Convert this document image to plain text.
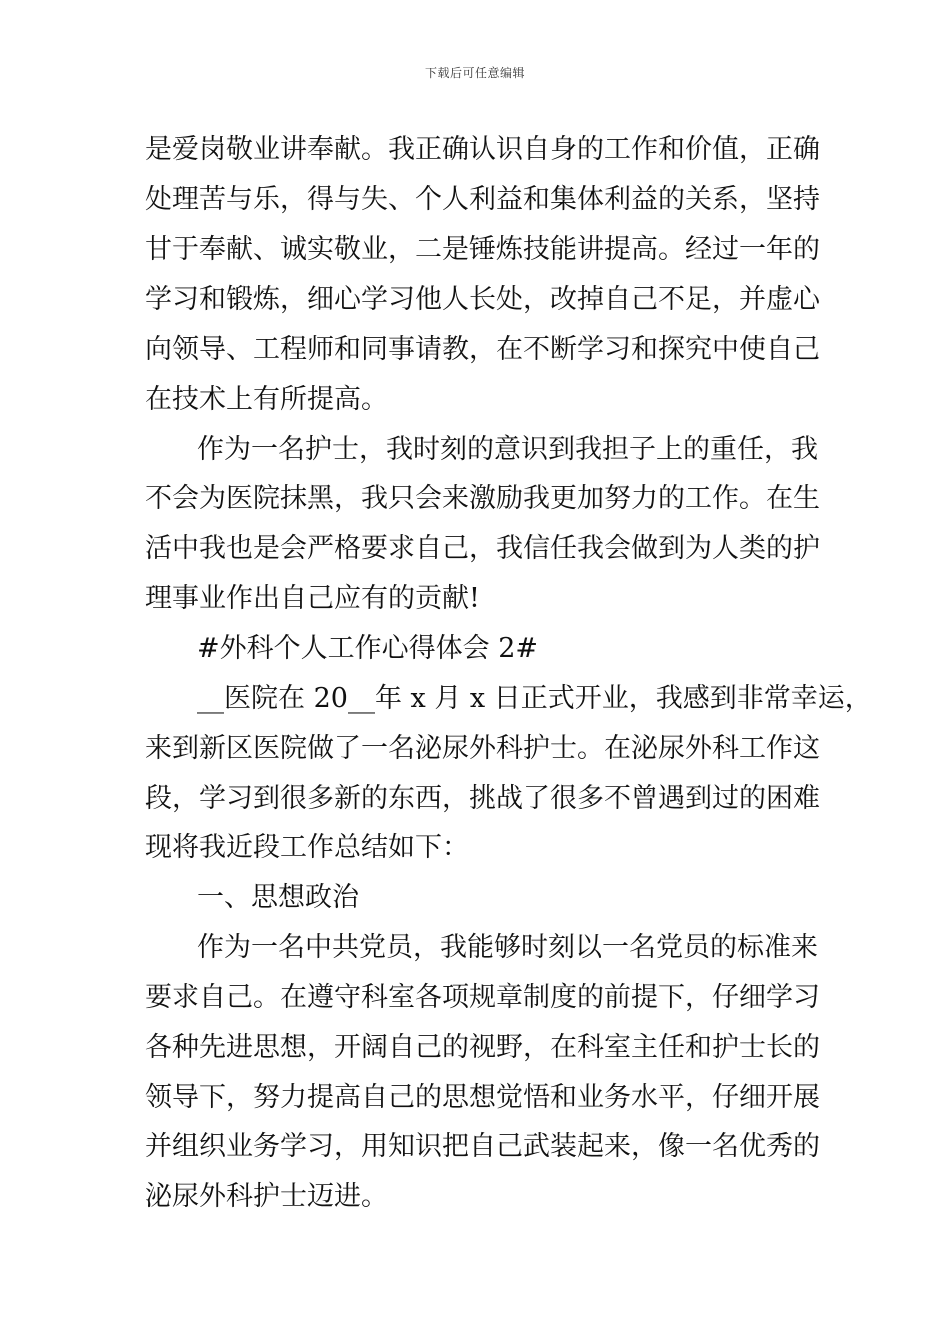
下载后可任意编辑
是爱岗敬业讲奉献。我正确认识自身的工作和价值，正确
处理苦与乐，得与失、个人利益和集体利益的关系，坚持
甘于奉献、诚实敬业，二是锤炼技能讲提高。经过一年的
学习和锻炼，细心学习他人长处，改掉自己不足，并虚心
向领导、工程师和同事请教，在不断学习和探究中使自己
在技术上有所提高。
作为一名护士，我时刻的意识到我担子上的重任，我
不会为医院抹黑，我只会来激励我更加努力的工作。在生
活中我也是会严格要求自己，我信任我会做到为人类的护
理事业作出自己应有的贡献!
#外科个人工作心得体会 2#
__医院在 20__年 x 月 x 日正式开业，我感到非常幸运，
来到新区医院做了一名泌尿外科护士。在泌尿外科工作这
段，学习到很多新的东西，挑战了很多不曾遇到过的困难
现将我近段工作总结如下：
一、思想政治
作为一名中共党员，我能够时刻以一名党员的标准来
要求自己。在遵守科室各项规章制度的前提下，仔细学习
各种先进思想，开阔自己的视野，在科室主任和护士长的
领导下，努力提高自己的思想觉悟和业务水平，仔细开展
并组织业务学习，用知识把自己武装起来，像一名优秀的
泌尿外科护士迈进。
